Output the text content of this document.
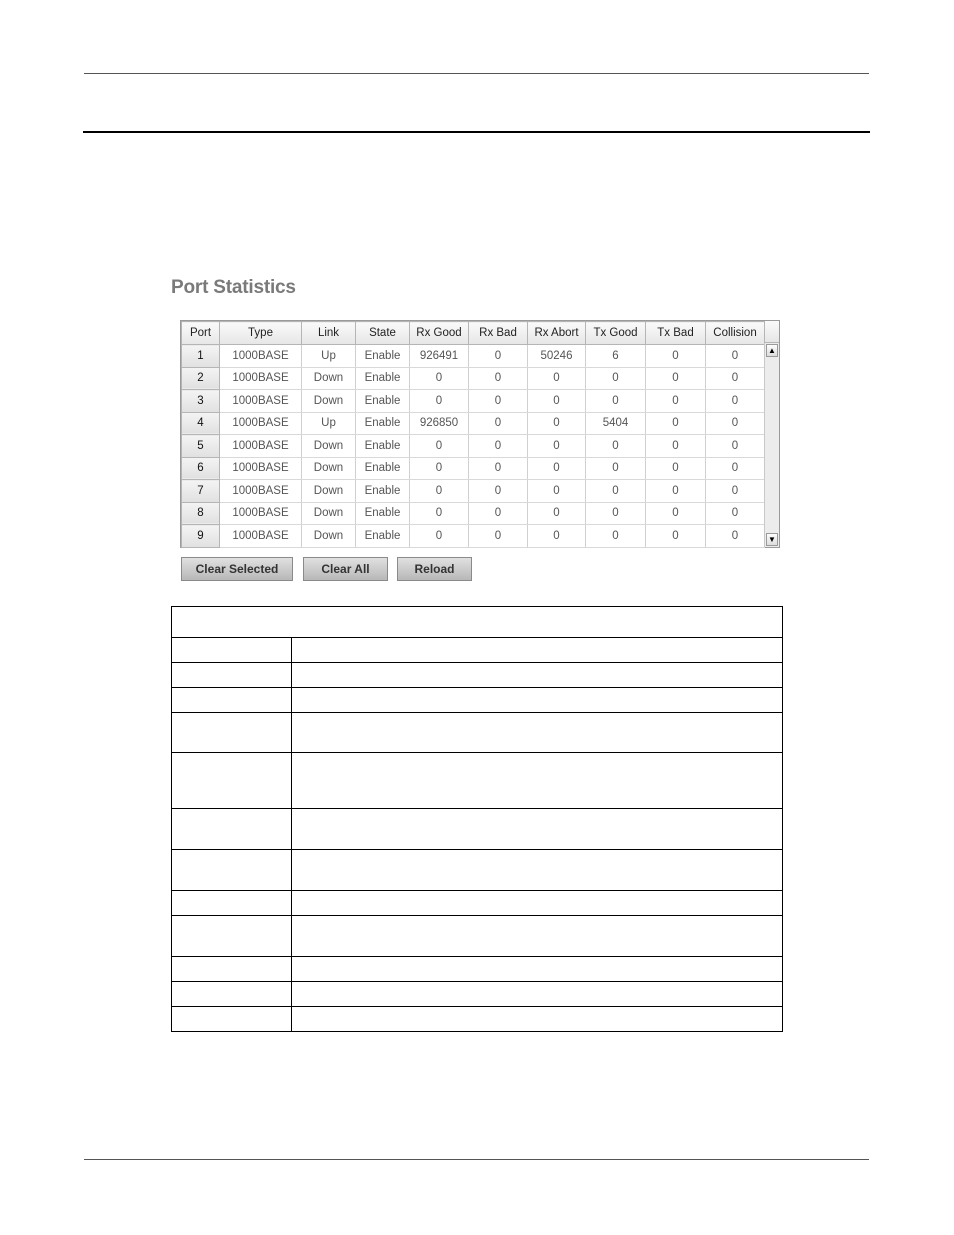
Port Statistics
Port	Type	Link	State	Rx Good	Rx Bad	Rx Abort	Tx Good	Tx Bad	Collision
1	1000BASE	Up	Enable	926491	0	50246	6	0	0
2	1000BASE	Down	Enable	0	0	0	0	0	0
3	1000BASE	Down	Enable	0	0	0	0	0	0
4	1000BASE	Up	Enable	926850	0	0	5404	0	0
5	1000BASE	Down	Enable	0	0	0	0	0	0
6	1000BASE	Down	Enable	0	0	0	0	0	0
7	1000BASE	Down	Enable	0	0	0	0	0	0
8	1000BASE	Down	Enable	0	0	0	0	0	0
9	1000BASE	Down	Enable	0	0	0	0	0	0
▲
▼
Clear Selected	Clear All	Reload
